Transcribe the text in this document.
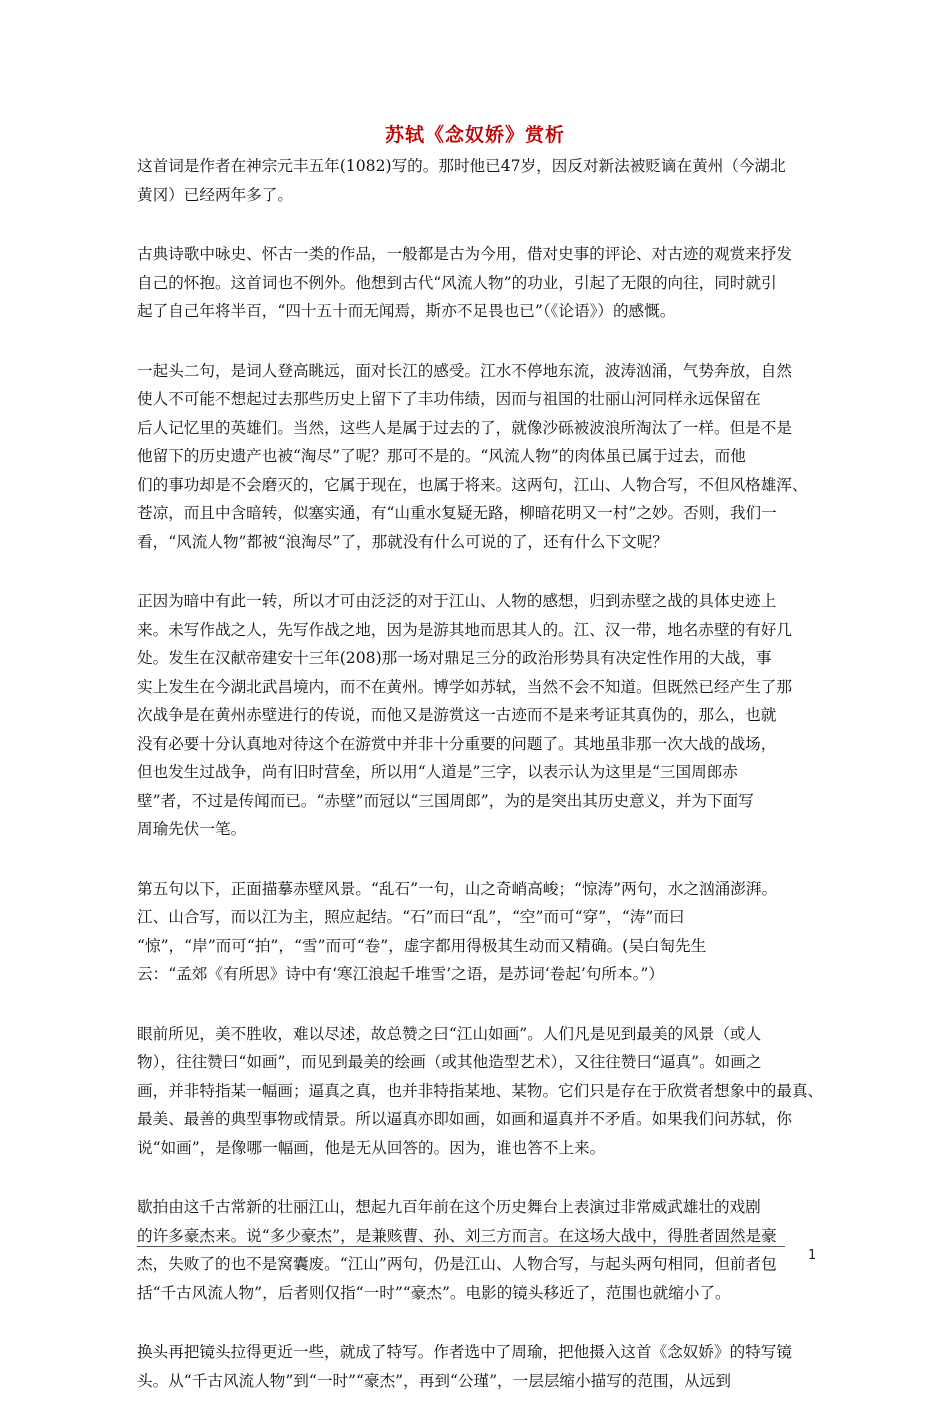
苏轼《念奴娇》赏析
这首词是作者在神宗元丰五年(1082)写的。那时他已47岁，因反对新法被贬谪在黄州（今湖北
黄冈）已经两年多了。
古典诗歌中咏史、怀古一类的作品，一般都是古为今用，借对史事的评论、对古迹的观赏来抒发
自己的怀抱。这首词也不例外。他想到古代“风流人物”的功业，引起了无限的向往，同时就引
起了自己年将半百，“四十五十而无闻焉，斯亦不足畏也已”（《论语》）的感慨。
一起头二句，是词人登高眺远，面对长江的感受。江水不停地东流，波涛汹涌，气势奔放，自然
使人不可能不想起过去那些历史上留下了丰功伟绩，因而与祖国的壮丽山河同样永远保留在
后人记忆里的英雄们。当然，这些人是属于过去的了，就像沙砾被波浪所淘汰了一样。但是不是
他留下的历史遗产也被“淘尽”了呢？那可不是的。“风流人物”的肉体虽已属于过去，而他
们的事功却是不会磨灭的，它属于现在，也属于将来。这两句，江山、人物合写，不但风格雄浑、
苍凉，而且中含暗转，似塞实通，有“山重水复疑无路，柳暗花明又一村”之妙。否则，我们一
看，“风流人物”都被“浪淘尽”了，那就没有什么可说的了，还有什么下文呢？
正因为暗中有此一转，所以才可由泛泛的对于江山、人物的感想，归到赤壁之战的具体史迹上
来。未写作战之人，先写作战之地，因为是游其地而思其人的。江、汉一带，地名赤壁的有好几
处。发生在汉献帝建安十三年(208)那一场对鼎足三分的政治形势具有决定性作用的大战，事
实上发生在今湖北武昌境内，而不在黄州。博学如苏轼，当然不会不知道。但既然已经产生了那
次战争是在黄州赤壁进行的传说，而他又是游赏这一古迹而不是来考证其真伪的，那么，也就
没有必要十分认真地对待这个在游赏中并非十分重要的问题了。其地虽非那一次大战的战场，
但也发生过战争，尚有旧时营垒，所以用“人道是”三字，以表示认为这里是“三国周郎赤
壁”者，不过是传闻而已。“赤壁”而冠以“三国周郎”，为的是突出其历史意义，并为下面写
周瑜先伏一笔。
第五句以下，正面描摹赤壁风景。“乱石”一句，山之奇峭高峻；“惊涛”两句，水之汹涌澎湃。
江、山合写，而以江为主，照应起结。“石”而曰“乱”，“空”而可“穿”，“涛”而曰
“惊”，“岸”而可“拍”，“雪”而可“卷”，虚字都用得极其生动而又精确。(吴白匋先生
云：“孟郊《有所思》诗中有‘寒江浪起千堆雪’之语，是苏词‘卷起’句所本。”）
眼前所见，美不胜收，难以尽述，故总赞之曰“江山如画”。人们凡是见到最美的风景（或人
物），往往赞曰“如画”，而见到最美的绘画（或其他造型艺术），又往往赞曰“逼真”。如画之
画，并非特指某一幅画；逼真之真，也并非特指某地、某物。它们只是存在于欣赏者想象中的最真、
最美、最善的典型事物或情景。所以逼真亦即如画，如画和逼真并不矛盾。如果我们问苏轼，你
说“如画”，是像哪一幅画，他是无从回答的。因为，谁也答不上来。
歇拍由这千古常新的壮丽江山，想起九百年前在这个历史舞台上表演过非常威武雄壮的戏剧
的许多豪杰来。说“多少豪杰”，是兼赅曹、孙、刘三方而言。在这场大战中，得胜者固然是豪
杰，失败了的也不是窝囊废。“江山”两句，仍是江山、人物合写，与起头两句相同，但前者包
括“千古风流人物”，后者则仅指“一时”“豪杰”。电影的镜头移近了，范围也就缩小了。
换头再把镜头拉得更近一些，就成了特写。作者选中了周瑜，把他摄入这首《念奴娇》的特写镜
头。从“千古风流人物”到“一时”“豪杰”，再到“公瑾”，一层层缩小描写的范围，从远到
1
